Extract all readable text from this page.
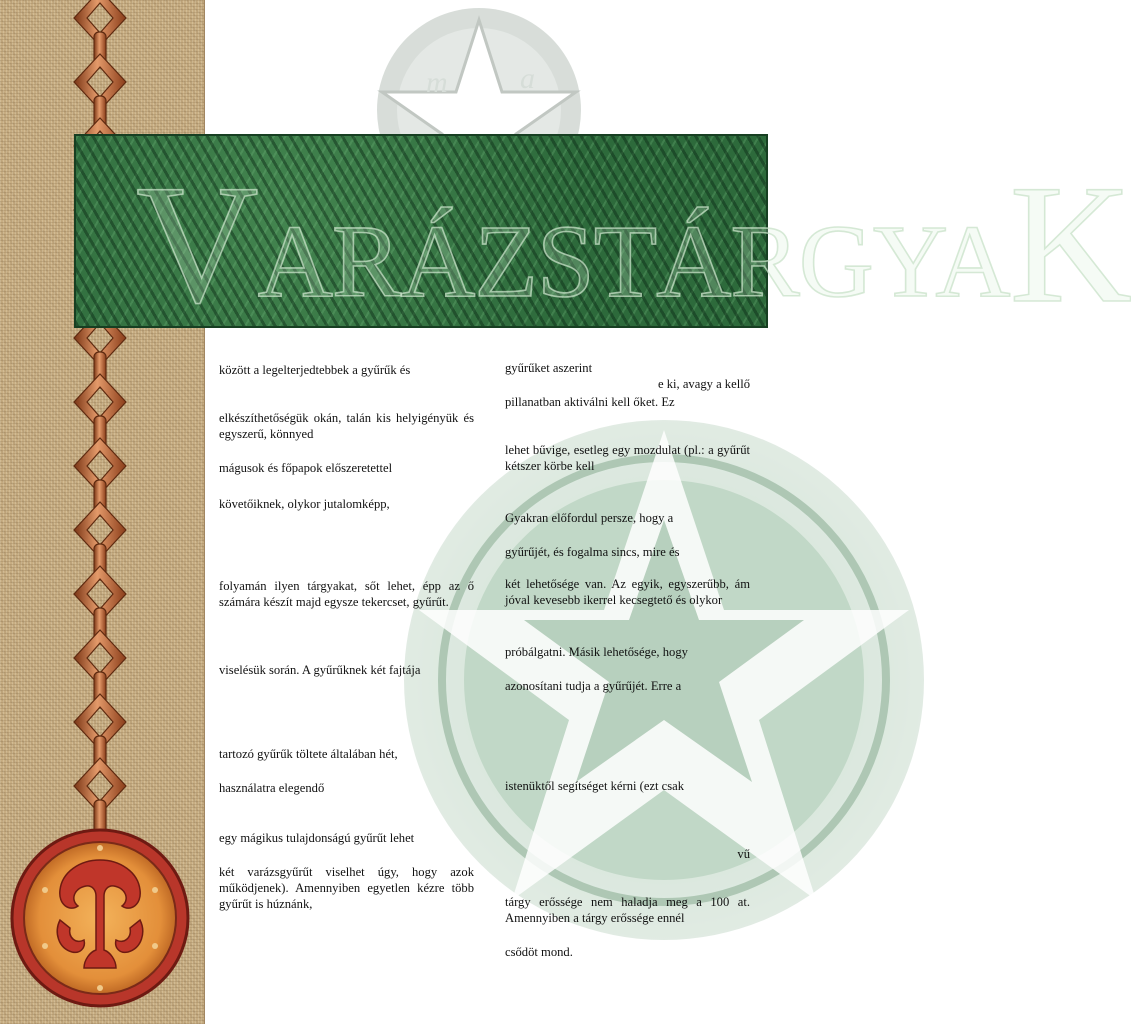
m a
V ARÁZSTÁRGYA K

között a legelterjedtebbek a gyűrűk és

elkészíthetőségük okán, talán kis helyigényük és egyszerű, könnyed

mágusok és főpapok előszeretettel

követőiknek, olykor jutalomképp,

folyamán ilyen tárgyakat, sőt lehet, épp az ő számára készít majd egysze tekercset, gyűrűt.

viselésük során. A gyűrűknek két fajtája

tartozó gyűrűk töltete általában hét,

használatra elegendő

egy mágikus tulajdonságú gyűrűt lehet

két varázsgyűrűt viselhet úgy, hogy azok működjenek). Amennyiben egyetlen kézre több gyűrűt is húznánk,

gyűrűket aszerint

e ki, avagy a kellő

pillanatban aktiválni kell őket. Ez

lehet bűvige, esetleg egy mozdulat (pl.: a gyűrűt kétszer körbe kell

Gyakran előfordul persze, hogy a

gyűrűjét, és fogalma sincs, mire és

két lehetősége van. Az egyik, egyszerűbb, ám jóval kevesebb ikerrel kecsegtető és olykor

próbálgatni. Másik lehetősége, hogy

azonosítani tudja a gyűrűjét. Erre a

istenüktől segítséget kérni (ezt csak

vű

tárgy erőssége nem haladja meg a 100 at. Amennyiben a tárgy erőssége ennél

csődöt mond.
